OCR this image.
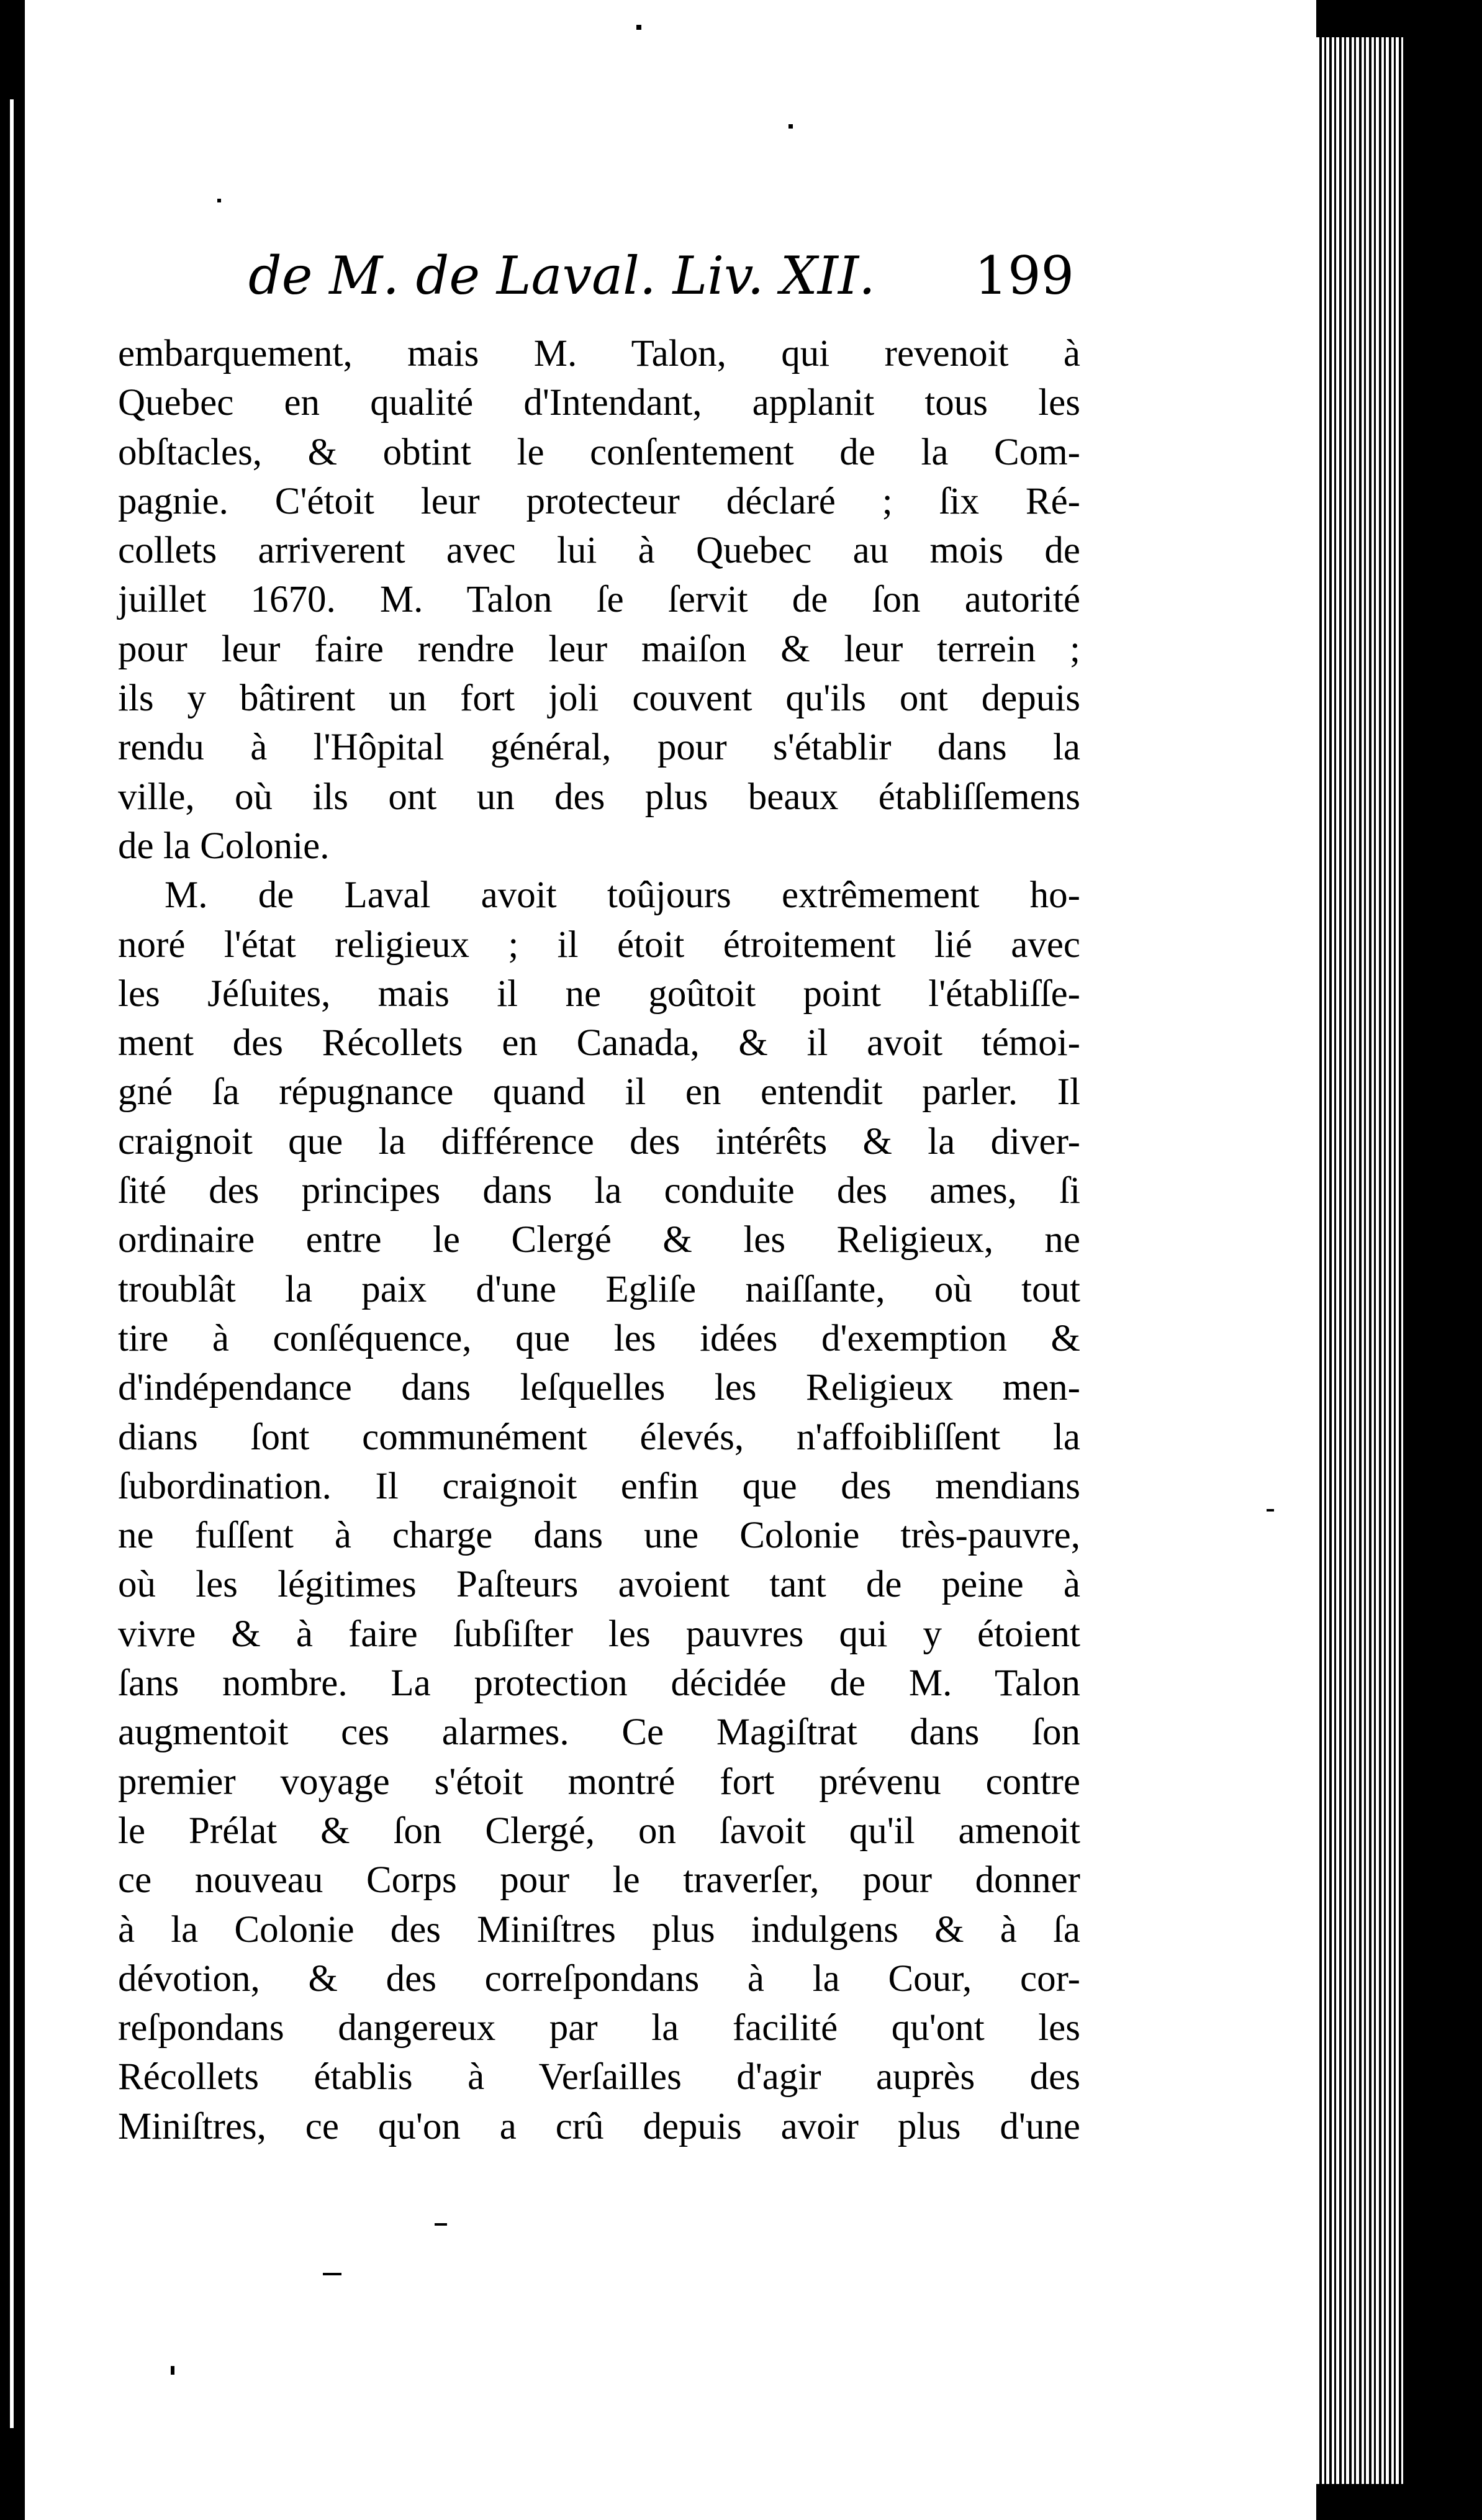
de M. de Laval. Liv. XII. 199
embarquement, mais M. Talon, qui revenoit à
Quebec en qualité d'Intendant, applanit tous les
obſtacles, & obtint le conſentement de la Com-
pagnie. C'étoit leur protecteur déclaré ; ſix Ré-
collets arriverent avec lui à Quebec au mois de
juillet 1670. M. Talon ſe ſervit de ſon autorité
pour leur faire rendre leur maiſon & leur terrein ;
ils y bâtirent un fort joli couvent qu'ils ont depuis
rendu à l'Hôpital général, pour s'établir dans la
ville, où ils ont un des plus beaux établiſſemens
de la Colonie.
M. de Laval avoit toûjours extrêmement ho-
noré l'état religieux ; il étoit étroitement lié avec
les Jéſuites, mais il ne goûtoit point l'établiſſe-
ment des Récollets en Canada, & il avoit témoi-
gné ſa répugnance quand il en entendit parler. Il
craignoit que la différence des intérêts & la diver-
ſité des principes dans la conduite des ames, ſi
ordinaire entre le Clergé & les Religieux, ne
troublât la paix d'une Egliſe naiſſante, où tout
tire à conſéquence, que les idées d'exemption &
d'indépendance dans leſquelles les Religieux men-
dians ſont communément élevés, n'affoibliſſent la
ſubordination. Il craignoit enfin que des mendians
ne fuſſent à charge dans une Colonie très-pauvre,
où les légitimes Paſteurs avoient tant de peine à
vivre & à faire ſubſiſter les pauvres qui y étoient
ſans nombre. La protection décidée de M. Talon
augmentoit ces alarmes. Ce Magiſtrat dans ſon
premier voyage s'étoit montré fort prévenu contre
le Prélat & ſon Clergé, on ſavoit qu'il amenoit
ce nouveau Corps pour le traverſer, pour donner
à la Colonie des Miniſtres plus indulgens & à ſa
dévotion, & des correſpondans à la Cour, cor-
reſpondans dangereux par la facilité qu'ont les
Récollets établis à Verſailles d'agir auprès des
Miniſtres, ce qu'on a crû depuis avoir plus d'une
